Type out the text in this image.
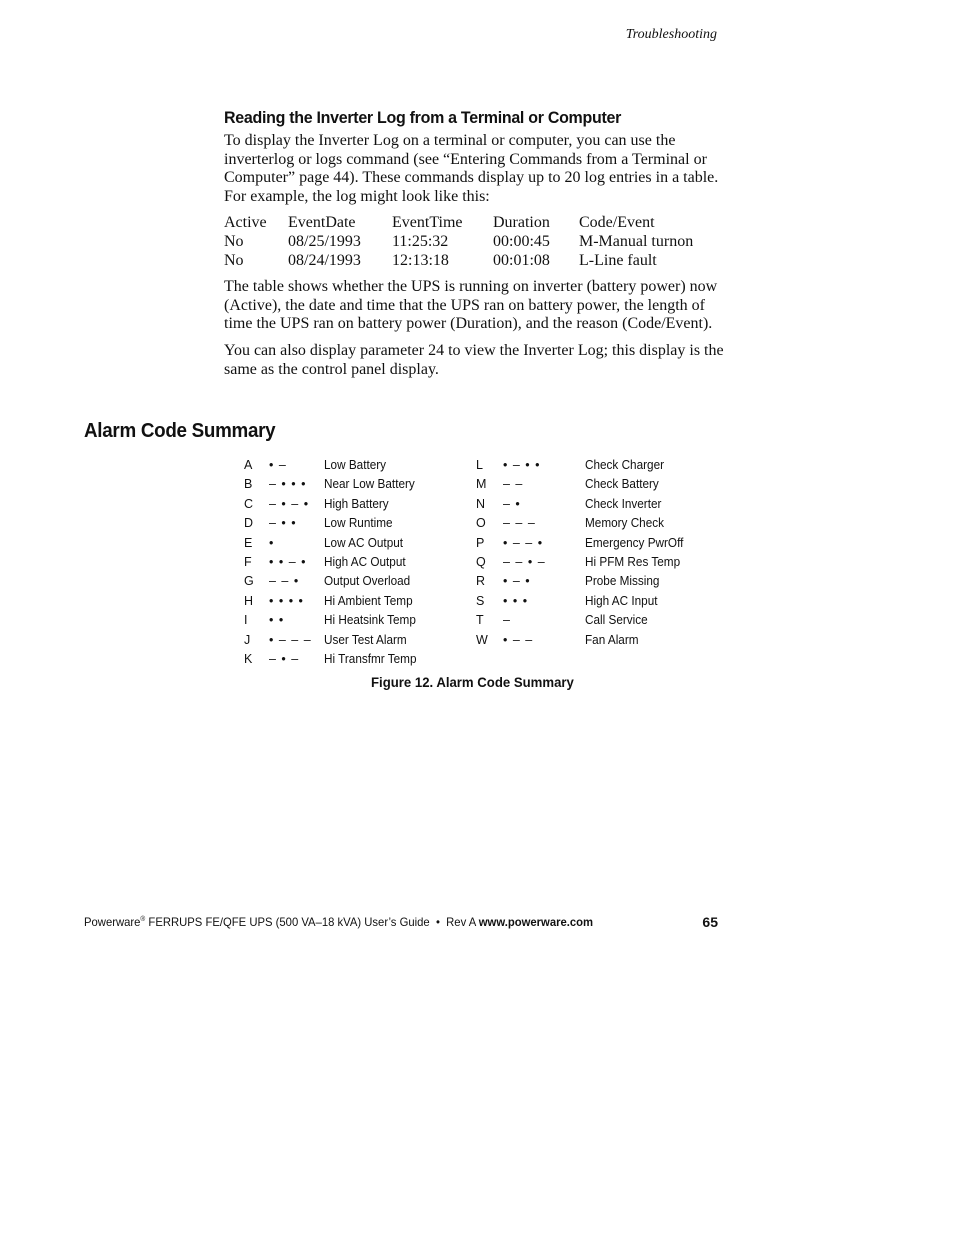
Troubleshooting
Reading the Inverter Log from a Terminal or Computer

To display the Inverter Log on a terminal or computer, you can use the inverterlog or logs command (see “Entering Commands from a Terminal or Computer” page 44). These commands display up to 20 log entries in a table. For example, the log might look like this:

Active	EventDate	EventTime	Duration	Code/Event
No	08/25/1993	11:25:32	00:00:45	M-Manual turnon
No	08/24/1993	12:13:18	00:01:08	L-Line fault

The table shows whether the UPS is running on inverter (battery power) now (Active), the date and time that the UPS ran on battery power, the length of time the UPS ran on battery power (Duration), and the reason (Code/Event).

You can also display parameter 24 to view the Inverter Log; this display is the same as the control panel display.

Alarm Code Summary
A • –	Low Battery
B – • • • Near Low Battery
C – • – • High Battery
D – • • Low Runtime
E •	Low AC Output
F • • – • High AC Output
G – – • Output Overload
H • • • • Hi Ambient Temp
I • •	Hi Heatsink Temp
J • – – – User Test Alarm
K – • – Hi Transfmr Temp
L • – • •	Check Charger
M – –	Check Battery
N – •	Check Inverter
O – – –	Memory Check
P • – – •	Emergency PwrOff
Q – – • –	Hi PFM Res Temp
R • – •	Probe Missing
S • • •	High AC Input
T –	Call Service
W • – –	Fan Alarm

Figure 12. Alarm Code Summary

Powerware® FERRUPS FE/QFE UPS (500 VA–18 kVA) User’s Guide  •  Rev A www.powerware.com	65
